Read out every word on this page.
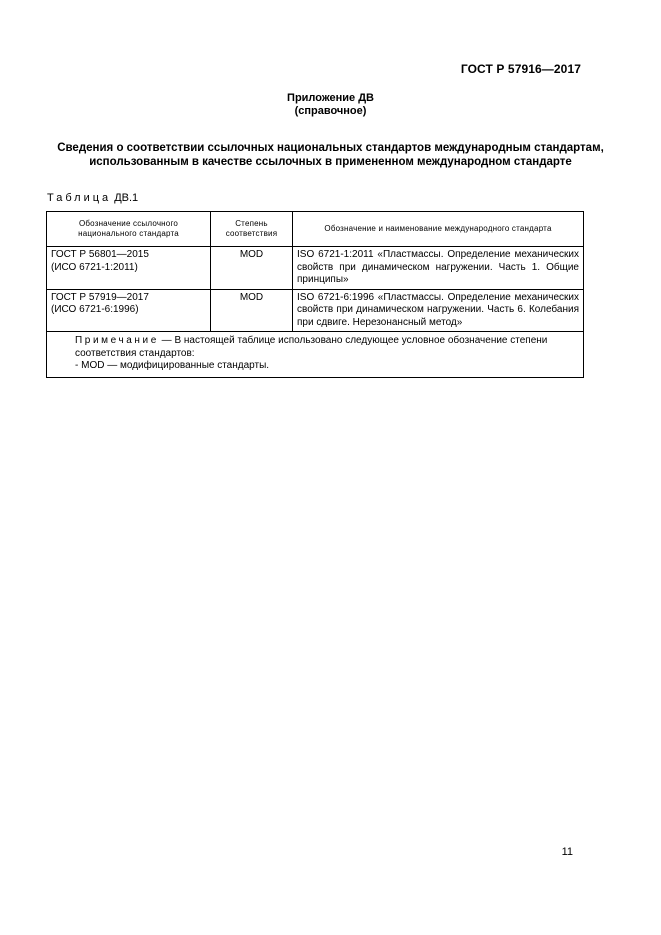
ГОСТ Р 57916—2017
Приложение ДВ
(справочное)
Сведения о соответствии ссылочных национальных стандартов международным стандартам,
использованным в качестве ссылочных в примененном международном стандарте
Таблица ДВ.1
Обозначение ссылочного национального стандарта	Степень соответствия	Обозначение и наименование международного стандарта

ГОСТ Р 56801—2015
(ИСО 6721-1:2011)	MOD	ISO 6721-1:2011 «Пластмассы. Определение механических свойств при динамическом нагружении. Часть 1. Общие принципы»

ГОСТ Р 57919—2017
(ИСО 6721-6:1996)	MOD	ISO 6721-6:1996 «Пластмассы. Определение механических свойств при динамическом нагружении. Часть 6. Колебания при сдвиге. Нерезонансный метод»

Примечание — В настоящей таблице использовано следующее условное обозначение степени соответствия стандартов:
- MOD — модифицированные стандарты.		
11
